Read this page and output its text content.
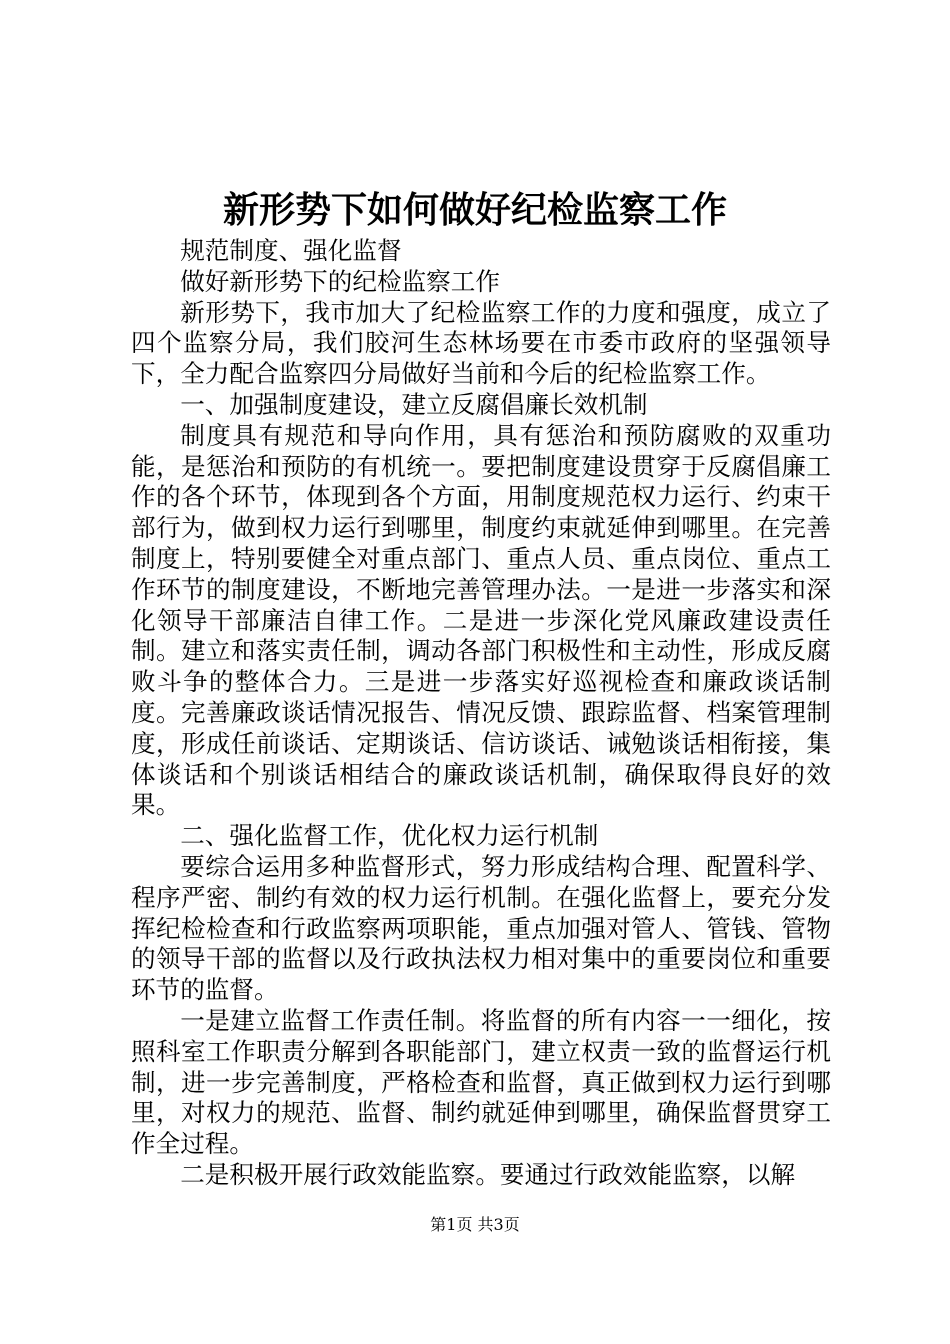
新形势下如何做好纪检监察工作

规范制度、强化监督

做好新形势下的纪检监察工作

新形势下，我市加大了纪检监察工作的力度和强度，成立了四个监察分局，我们胶河生态林场要在市委市政府的坚强领导下，全力配合监察四分局做好当前和今后的纪检监察工作。

一、加强制度建设，建立反腐倡廉长效机制

制度具有规范和导向作用，具有惩治和预防腐败的双重功能，是惩治和预防的有机统一。要把制度建设贯穿于反腐倡廉工作的各个环节，体现到各个方面，用制度规范权力运行、约束干部行为，做到权力运行到哪里，制度约束就延伸到哪里。在完善制度上，特别要健全对重点部门、重点人员、重点岗位、重点工作环节的制度建设，不断地完善管理办法。一是进一步落实和深化领导干部廉洁自律工作。二是进一步深化党风廉政建设责任制。建立和落实责任制，调动各部门积极性和主动性，形成反腐败斗争的整体合力。三是进一步落实好巡视检查和廉政谈话制度。完善廉政谈话情况报告、情况反馈、跟踪监督、档案管理制度，形成任前谈话、定期谈话、信访谈话、诫勉谈话相衔接，集体谈话和个别谈话相结合的廉政谈话机制，确保取得良好的效果。

二、强化监督工作，优化权力运行机制

要综合运用多种监督形式，努力形成结构合理、配置科学、程序严密、制约有效的权力运行机制。在强化监督上，要充分发挥纪检检查和行政监察两项职能，重点加强对管人、管钱、管物的领导干部的监督以及行政执法权力相对集中的重要岗位和重要环节的监督。

一是建立监督工作责任制。将监督的所有内容一一细化，按照科室工作职责分解到各职能部门，建立权责一致的监督运行机制，进一步完善制度，严格检查和监督，真正做到权力运行到哪里，对权力的规范、监督、制约就延伸到哪里，确保监督贯穿工作全过程。

二是积极开展行政效能监察。要通过行政效能监察，以解

第1页 共3页
